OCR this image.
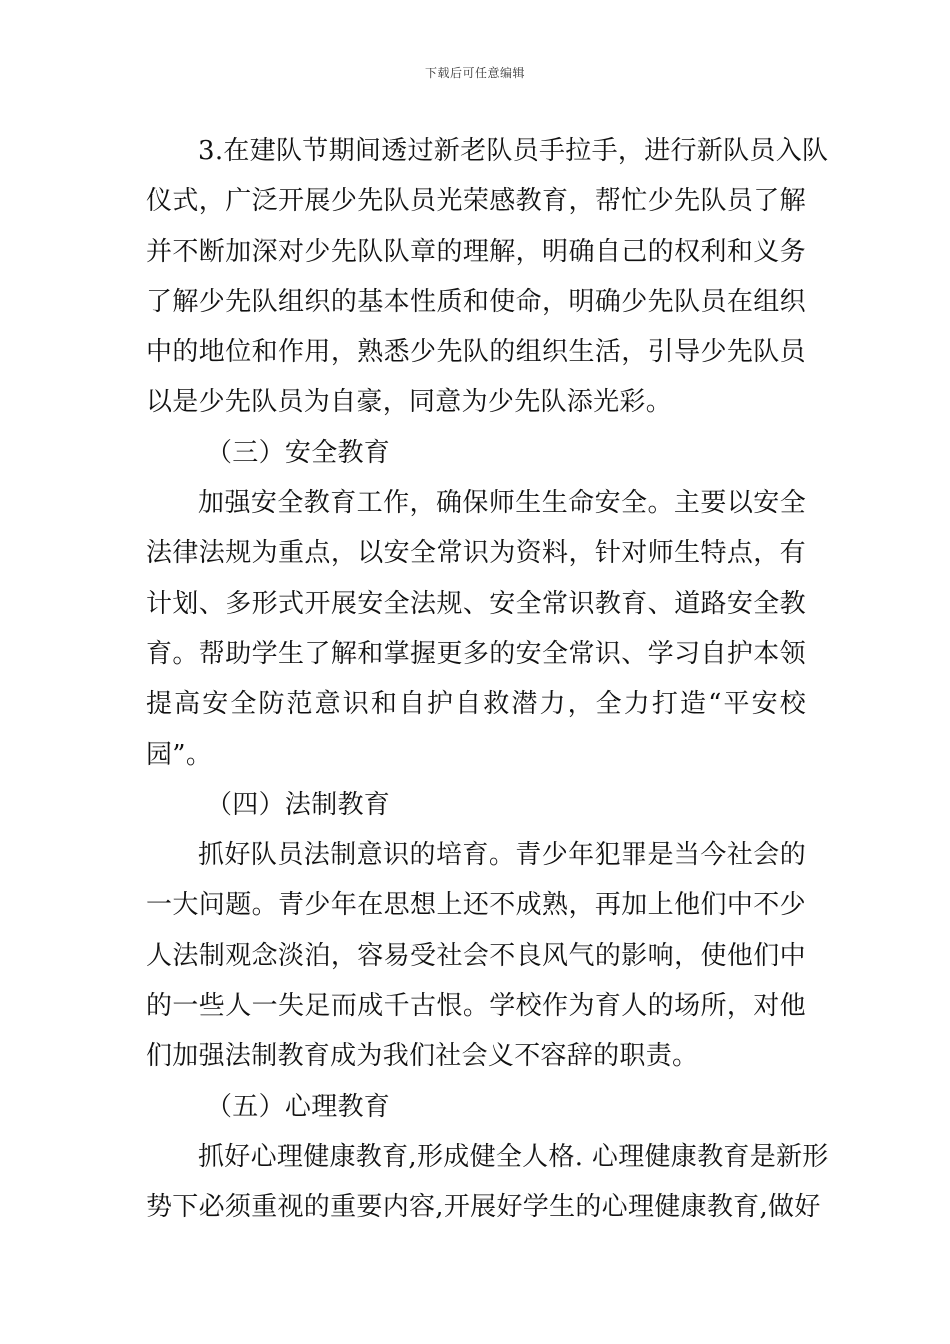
下载后可任意编辑
3.在建队节期间透过新老队员手拉手，进行新队员入队
仪式，广泛开展少先队员光荣感教育，帮忙少先队员了解
并不断加深对少先队队章的理解，明确自己的权利和义务
了解少先队组织的基本性质和使命，明确少先队员在组织
中的地位和作用，熟悉少先队的组织生活，引导少先队员
以是少先队员为自豪，同意为少先队添光彩。
（三）安全教育
加强安全教育工作，确保师生生命安全。主要以安全
法律法规为重点，以安全常识为资料，针对师生特点，有
计划、多形式开展安全法规、安全常识教育、道路安全教
育。帮助学生了解和掌握更多的安全常识、学习自护本领
提高安全防范意识和自护自救潜力，全力打造“平安校
园”。
（四）法制教育
抓好队员法制意识的培育。青少年犯罪是当今社会的
一大问题。青少年在思想上还不成熟，再加上他们中不少
人法制观念淡泊，容易受社会不良风气的影响，使他们中
的一些人一失足而成千古恨。学校作为育人的场所，对他
们加强法制教育成为我们社会义不容辞的职责。
（五）心理教育
抓好心理健康教育,形成健全人格. 心理健康教育是新形
势下必须重视的重要内容,开展好学生的心理健康教育,做好
